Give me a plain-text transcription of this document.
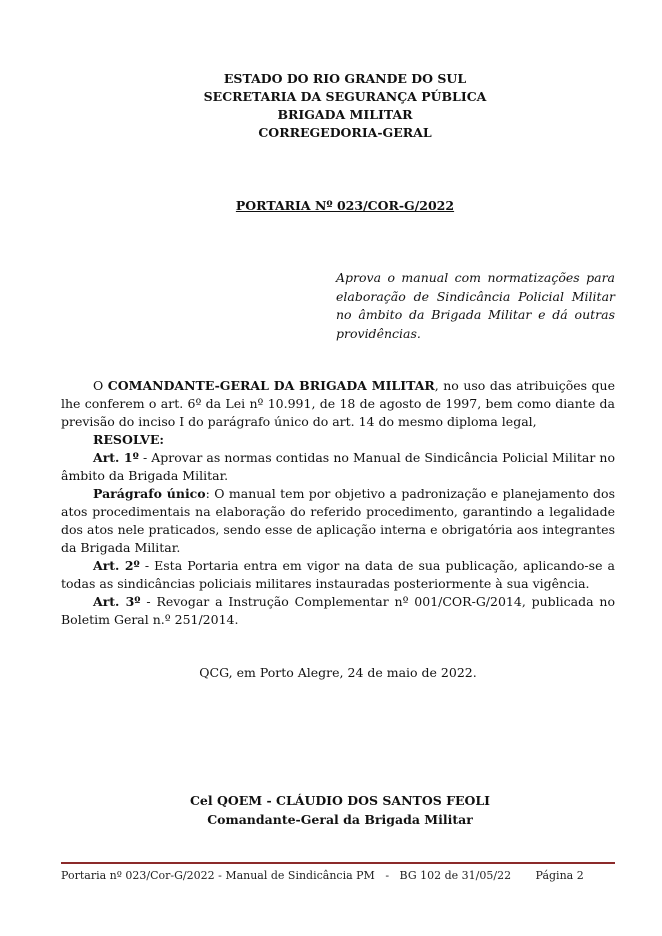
ESTADO DO RIO GRANDE DO SUL
SECRETARIA DA SEGURANÇA PÚBLICA
BRIGADA MILITAR
CORREGEDORIA-GERAL
PORTARIA Nº 023/COR-G/2022
Aprova o manual com normatizações para elaboração de Sindicância Policial Militar no âmbito da Brigada Militar e dá outras providências.

O COMANDANTE-GERAL DA BRIGADA MILITAR, no uso das atribuições que lhe conferem o art. 6º da Lei nº 10.991, de 18 de agosto de 1997, bem como diante da previsão do inciso I do parágrafo único do art. 14 do mesmo diploma legal,

RESOLVE:

Art. 1º - Aprovar as normas contidas no Manual de Sindicância Policial Militar no âmbito da Brigada Militar.

Parágrafo único: O manual tem por objetivo a padronização e planejamento dos atos procedimentais na elaboração do referido procedimento, garantindo a legalidade dos atos nele praticados, sendo esse de aplicação interna e obrigatória aos integrantes da Brigada Militar.

Art. 2º - Esta Portaria entra em vigor na data de sua publicação, aplicando-se a todas as sindicâncias policiais militares instauradas posteriormente à sua vigência.

Art. 3º - Revogar a Instrução Complementar nº 001/COR-G/2014, publicada no Boletim Geral n.º 251/2014.

QCG, em Porto Alegre, 24 de maio de 2022.
Cel QOEM - CLÁUDIO DOS SANTOS FEOLI
Comandante-Geral da Brigada Militar
Portaria nº 023/Cor-G/2022 - Manual de Sindicância PM - BG 102 de 31/05/22 Página 2
